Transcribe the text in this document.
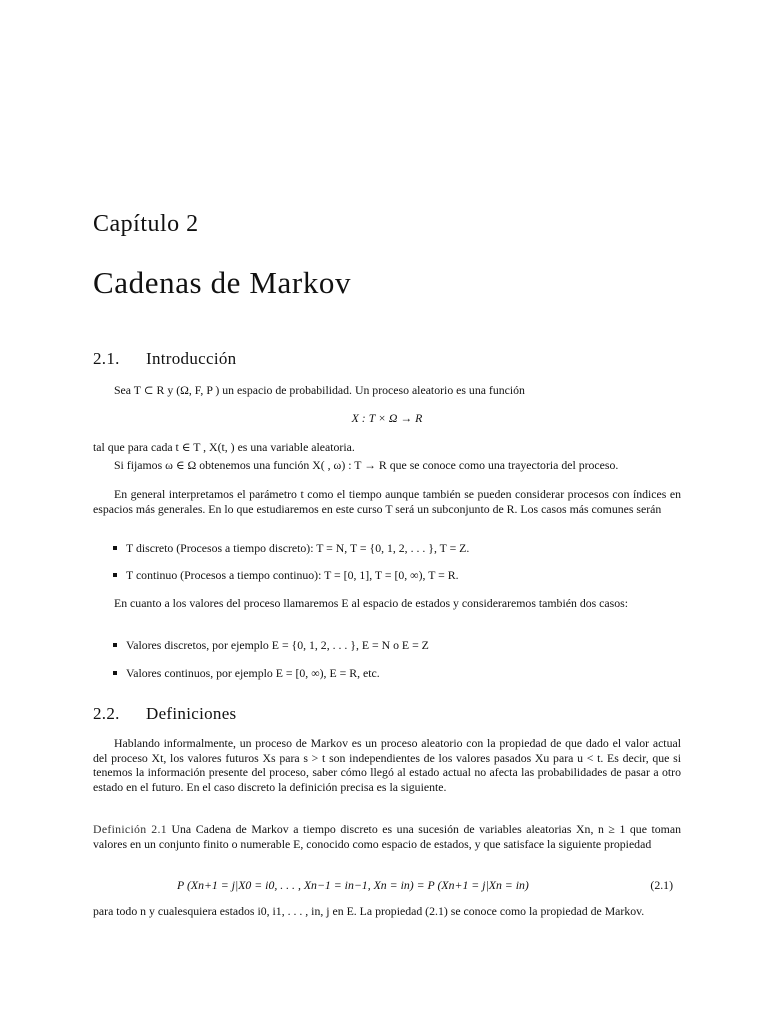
Capítulo 2
Cadenas de Markov
2.1. Introducción
Sea T ⊂ R y (Ω, F, P ) un espacio de probabilidad. Un proceso aleatorio es una función
X : T × Ω → R
tal que para cada t ∈ T , X(t, ) es una variable aleatoria.
Si fijamos ω ∈ Ω obtenemos una función X( , ω) : T → R que se conoce como una trayectoria del proceso.
En general interpretamos el parámetro t como el tiempo aunque también se pueden considerar procesos con índices en espacios más generales. En lo que estudiaremos en este curso T será un subconjunto de R. Los casos más comunes serán
T discreto (Procesos a tiempo discreto): T = N, T = {0, 1, 2, . . . }, T = Z.
T continuo (Procesos a tiempo continuo): T = [0, 1], T = [0, ∞), T = R.
En cuanto a los valores del proceso llamaremos E al espacio de estados y consideraremos también dos casos:
Valores discretos, por ejemplo E = {0, 1, 2, . . . }, E = N o E = Z
Valores continuos, por ejemplo E = [0, ∞), E = R, etc.
2.2. Definiciones
Hablando informalmente, un proceso de Markov es un proceso aleatorio con la propiedad de que dado el valor actual del proceso Xt, los valores futuros Xs para s > t son independientes de los valores pasados Xu para u < t. Es decir, que si tenemos la información presente del proceso, saber cómo llegó al estado actual no afecta las probabilidades de pasar a otro estado en el futuro. En el caso discreto la definición precisa es la siguiente.
Definición 2.1 Una Cadena de Markov a tiempo discreto es una sucesión de variables aleatorias Xn, n ≥ 1 que toman valores en un conjunto finito o numerable E, conocido como espacio de estados, y que satisface la siguiente propiedad
P (Xn+1 = j|X0 = i0, . . . , Xn−1 = in−1, Xn = in) = P (Xn+1 = j|Xn = in)	(2.1)
para todo n y cualesquiera estados i0, i1, . . . , in, j en E. La propiedad (2.1) se conoce como la propiedad de Markov.
